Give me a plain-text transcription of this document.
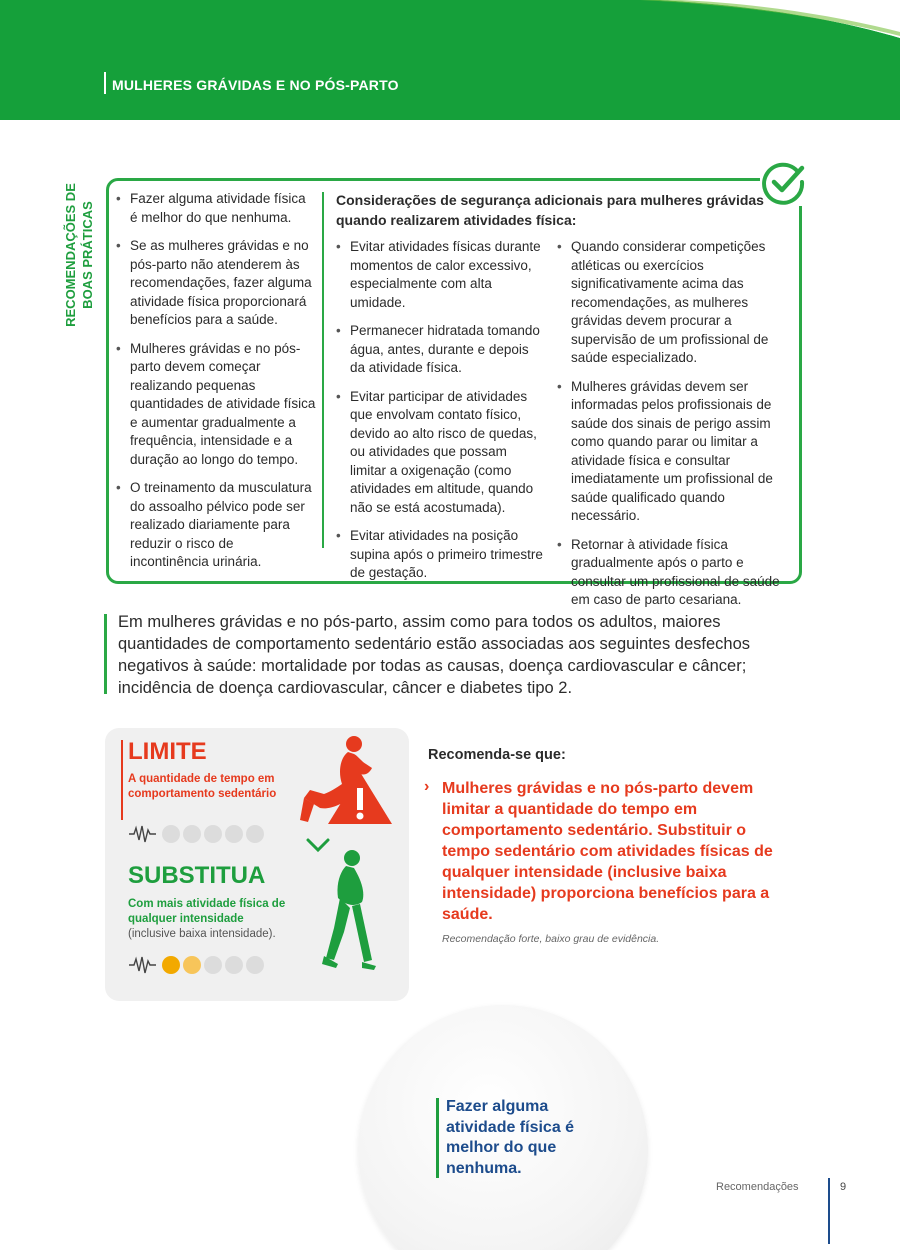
MULHERES GRÁVIDAS E NO PÓS-PARTO
RECOMENDAÇÕES DE BOAS PRÁTICAS
• Fazer alguma atividade física é melhor do que nenhuma.
• Se as mulheres grávidas e no pós-parto não atenderem às recomendações, fazer alguma atividade física proporcionará benefícios para a saúde.
• Mulheres grávidas e no pós-parto devem começar realizando pequenas quantidades de atividade física e aumentar gradualmente a frequência, intensidade e a duração ao longo do tempo.
• O treinamento da musculatura do assoalho pélvico pode ser realizado diariamente para reduzir o risco de incontinência urinária.
Considerações de segurança adicionais para mulheres grávidas quando realizarem atividades física:
• Evitar atividades físicas durante momentos de calor excessivo, especialmente com alta umidade.
• Permanecer hidratada tomando água, antes, durante e depois da atividade física.
• Evitar participar de atividades que envolvam contato físico, devido ao alto risco de quedas, ou atividades que possam limitar a oxigenação (como atividades em altitude, quando não se está acostumada).
• Evitar atividades na posição supina após o primeiro trimestre de gestação.
• Quando considerar competições atléticas ou exercícios significativamente acima das recomendações, as mulheres grávidas devem procurar a supervisão de um profissional de saúde especializado.
• Mulheres grávidas devem ser informadas pelos profissionais de saúde dos sinais de perigo assim como quando parar ou limitar a atividade física e consultar imediatamente um profissional de saúde qualificado quando necessário.
• Retornar à atividade física gradualmente após o parto e consultar um profissional de saúde em caso de parto cesariana.
Em mulheres grávidas e no pós-parto, assim como para todos os adultos, maiores quantidades de comportamento sedentário estão associadas aos seguintes desfechos negativos à saúde: mortalidade por todas as causas, doença cardiovascular e câncer; incidência de doença cardiovascular, câncer e diabetes tipo 2.
LIMITE
A quantidade de tempo em comportamento sedentário
SUBSTITUA
Com mais atividade física de qualquer intensidade
(inclusive baixa intensidade).
Recomenda-se que:
› Mulheres grávidas e no pós-parto devem limitar a quantidade do tempo em comportamento sedentário. Substituir o tempo sedentário com atividades físicas de qualquer intensidade (inclusive baixa intensidade) proporciona benefícios para a saúde.
Recomendação forte, baixo grau de evidência.
Fazer alguma atividade física é melhor do que nenhuma.
Recomendações	9
